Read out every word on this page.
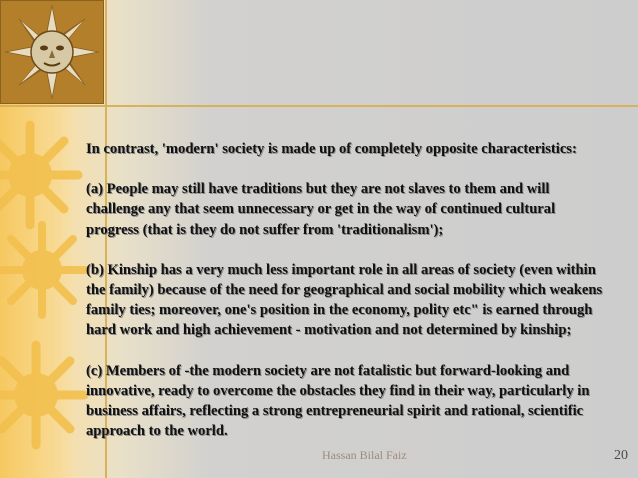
In contrast, 'modern' society is made up of completely opposite characteristics:

(a) People may still have traditions but they are not slaves to them and will challenge any that seem unnecessary or get in the way of continued cultural progress (that is they do not suffer from 'traditionalism');

(b) Kinship has a very much less important role in all areas of society (even within the family) because of the need for geographical and social mobility which weakens family ties; moreover, one's position in the economy, polity etc" is earned through hard work and high achievement - motivation and not determined by kinship;

(c) Members of -the modern society are not fatalistic but forward-looking and innovative, ready to overcome the obstacles they find in their way, particularly in business affairs, reflecting a strong entrepreneurial spirit and rational, scientific approach to the world.

Hassan Bilal Faiz	20
